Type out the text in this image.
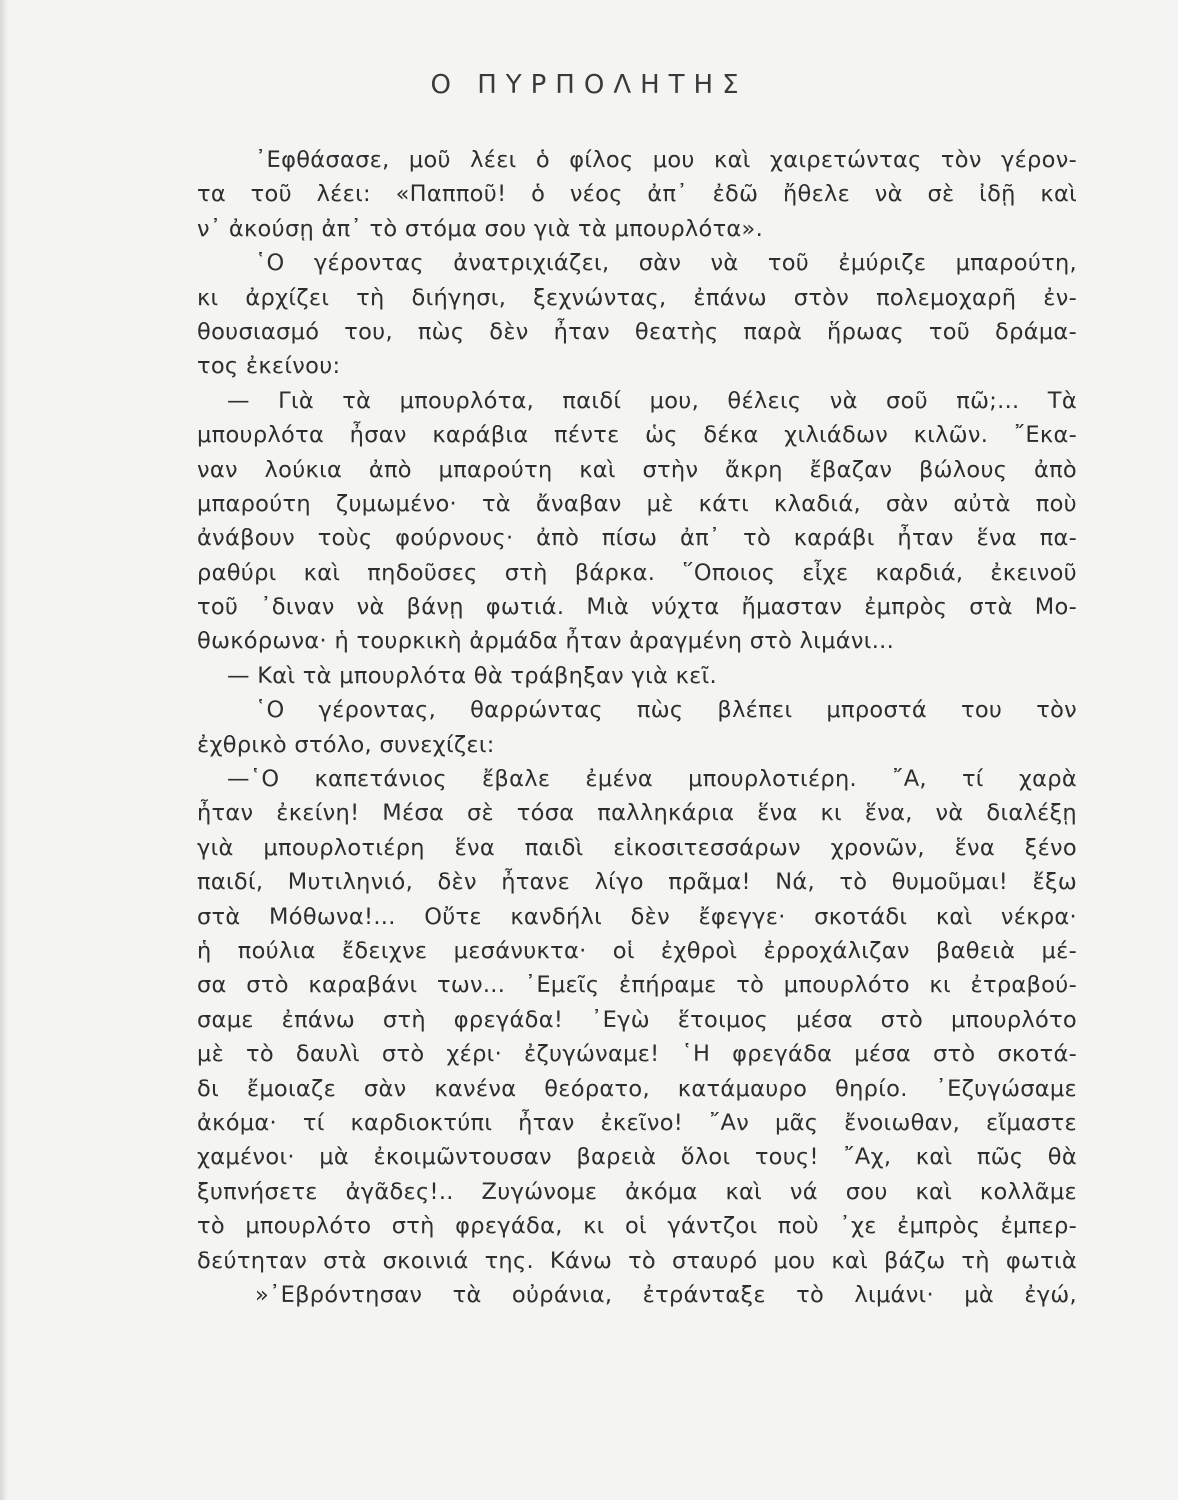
Ο ΠΥΡΠΟΛΗΤΗΣ
᾿Εφθάσασε, μοῦ λέει ὁ φίλος μου καὶ χαιρετώντας τὸν γέρον-
τα τοῦ λέει: «Παπποῦ! ὁ νέος ἀπ᾿ ἐδῶ ἤθελε νὰ σὲ ἰδῇ καὶ
ν᾿ ἀκούσῃ ἀπ᾿ τὸ στόμα σου γιὰ τὰ μπουρλότα».
῾Ο γέροντας ἀνατριχιάζει, σὰν νὰ τοῦ ἐμύριζε μπαρούτη,
κι ἀρχίζει τὴ διήγησι, ξεχνώντας, ἐπάνω στὸν πολεμοχαρῆ ἐν-
θουσιασμό του, πὼς δὲν ἦταν θεατὴς παρὰ ἥρωας τοῦ δράμα-
τος ἐκείνου:
— Γιὰ τὰ μπουρλότα, παιδί μου, θέλεις νὰ σοῦ πῶ;... Τὰ
μπουρλότα ἦσαν καράβια πέντε ὡς δέκα χιλιάδων κιλῶν. ῎Εκα-
ναν λούκια ἀπὸ μπαρούτη καὶ στὴν ἄκρη ἔβαζαν βώλους ἀπὸ
μπαρούτη ζυμωμένο· τὰ ἄναβαν μὲ κάτι κλαδιά, σὰν αὐτὰ ποὺ
ἀνάβουν τοὺς φούρνους· ἀπὸ πίσω ἀπ᾿ τὸ καράβι ἦταν ἕνα πα-
ραθύρι καὶ πηδοῦσες στὴ βάρκα. ῞Οποιος εἶχε καρδιά, ἐκεινοῦ
τοῦ ᾿διναν νὰ βάνῃ φωτιά. Μιὰ νύχτα ἤμασταν ἐμπρὸς στὰ Μο-
θωκόρωνα· ἡ τουρκικὴ ἀρμάδα ἦταν ἀραγμένη στὸ λιμάνι...
— Καὶ τὰ μπουρλότα θὰ τράβηξαν γιὰ κεῖ.
῾Ο γέροντας, θαρρώντας πὼς βλέπει μπροστά του τὸν
ἐχθρικὸ στόλο, συνεχίζει:
—῾Ο καπετάνιος ἔβαλε ἐμένα μπουρλοτιέρη. ῎Α, τί χαρὰ
ἦταν ἐκείνη! Μέσα σὲ τόσα παλληκάρια ἕνα κι ἕνα, νὰ διαλέξῃ
γιὰ μπουρλοτιέρη ἕνα παιδὶ εἰκοσιτεσσάρων χρονῶν, ἕνα ξένο
παιδί, Μυτιληνιό, δὲν ἦτανε λίγο πρᾶμα! Νά, τὸ θυμοῦμαι! ἔξω
στὰ Μόθωνα!... Οὔτε κανδήλι δὲν ἔφεγγε· σκοτάδι καὶ νέκρα·
ἡ πούλια ἔδειχνε μεσάνυκτα· οἱ ἐχθροὶ ἐρροχάλιζαν βαθειὰ μέ-
σα στὸ καραβάνι των... ᾿Εμεῖς ἐπήραμε τὸ μπουρλότο κι ἐτραβού-
σαμε ἐπάνω στὴ φρεγάδα! ᾿Εγὼ ἕτοιμος μέσα στὸ μπουρλότο
μὲ τὸ δαυλὶ στὸ χέρι· ἐζυγώναμε! ῾Η φρεγάδα μέσα στὸ σκοτά-
δι ἔμοιαζε σὰν κανένα θεόρατο, κατάμαυρο θηρίο. ᾿Εζυγώσαμε
ἀκόμα· τί καρδιοκτύπι ἦταν ἐκεῖνο! ῎Αν μᾶς ἔνοιωθαν, εἴμαστε
χαμένοι· μὰ ἐκοιμῶντουσαν βαρειὰ ὅλοι τους! ῎Αχ, καὶ πῶς θὰ
ξυπνήσετε ἀγᾶδες!.. Ζυγώνομε ἀκόμα καὶ νά σου καὶ κολλᾶμε
τὸ μπουρλότο στὴ φρεγάδα, κι οἱ γάντζοι ποὺ ᾿χε ἐμπρὸς ἐμπερ-
δεύτηταν στὰ σκοινιά της. Κάνω τὸ σταυρό μου καὶ βάζω τὴ φωτιὰ
»᾿Εβρόντησαν τὰ οὐράνια, ἐτράνταξε τὸ λιμάνι· μὰ ἐγώ,
